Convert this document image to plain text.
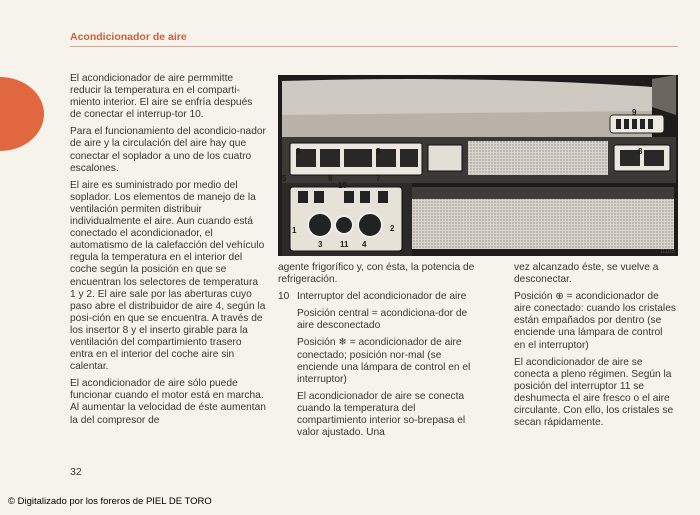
Acondicionador de aire

El acondicionador de aire permmitte reducir la temperatura en el comparti-miento interior. El aire se enfría después de conectar el interrup-tor 10.

Para el funcionamiento del acondicio-nador de aire y la circulación del aire hay que conectar el soplador a uno de los cuatro escalones.

El aire es suministrado por medio del soplador. Los elementos de manejo de la ventilación permiten distribuir individualmente el aire. Aun cuando está conectado el acondicionador, el automatismo de la calefacción del vehículo regula la temperatura en el interior del coche según la posición en que se encuentran los selectores de temperatura 1 y 2. El aire sale por las aberturas cuyo paso abre el distribuidor de aire 4, según la posi-ción en que se encuentra. A través de los insertor 8 y el inserto girable para la ventilación del compartimiento trasero entra en el interior del coche aire sin calentar.

El acondicionador de aire sólo puede funcionar cuando el motor está en marcha. Al aumentar la velocidad de éste aumentan la del compresor de

8	8	8
9
5	6	7
10
1	2
3 11 4
111/23

agente frigorífico y, con ésta, la potencia de refrigeración.

10 Interruptor del acondicionador de aire

Posición central = acondiciona-dor de aire desconectado

Posición ❄ = acondicionador de aire conectado; posición nor-mal (se enciende una lámpara de control en el interruptor)

El acondicionador de aire se conecta cuando la temperatura del compartimiento interior so-brepasa el valor ajustado. Una

vez alcanzado éste, se vuelve a desconectar.

Posición ⊕ = acondicionador de aire conectado: cuando los cristales están empañados por dentro (se enciende una lámpara de control en el interruptor)

El acondicionador de aire se conecta a pleno régimen. Según la posición del interruptor 11 se deshumecta el aire fresco o el aire circulante. Con ello, los cristales se secan rápidamente.

32
© Digitalizado por los foreros de PIEL DE TORO
